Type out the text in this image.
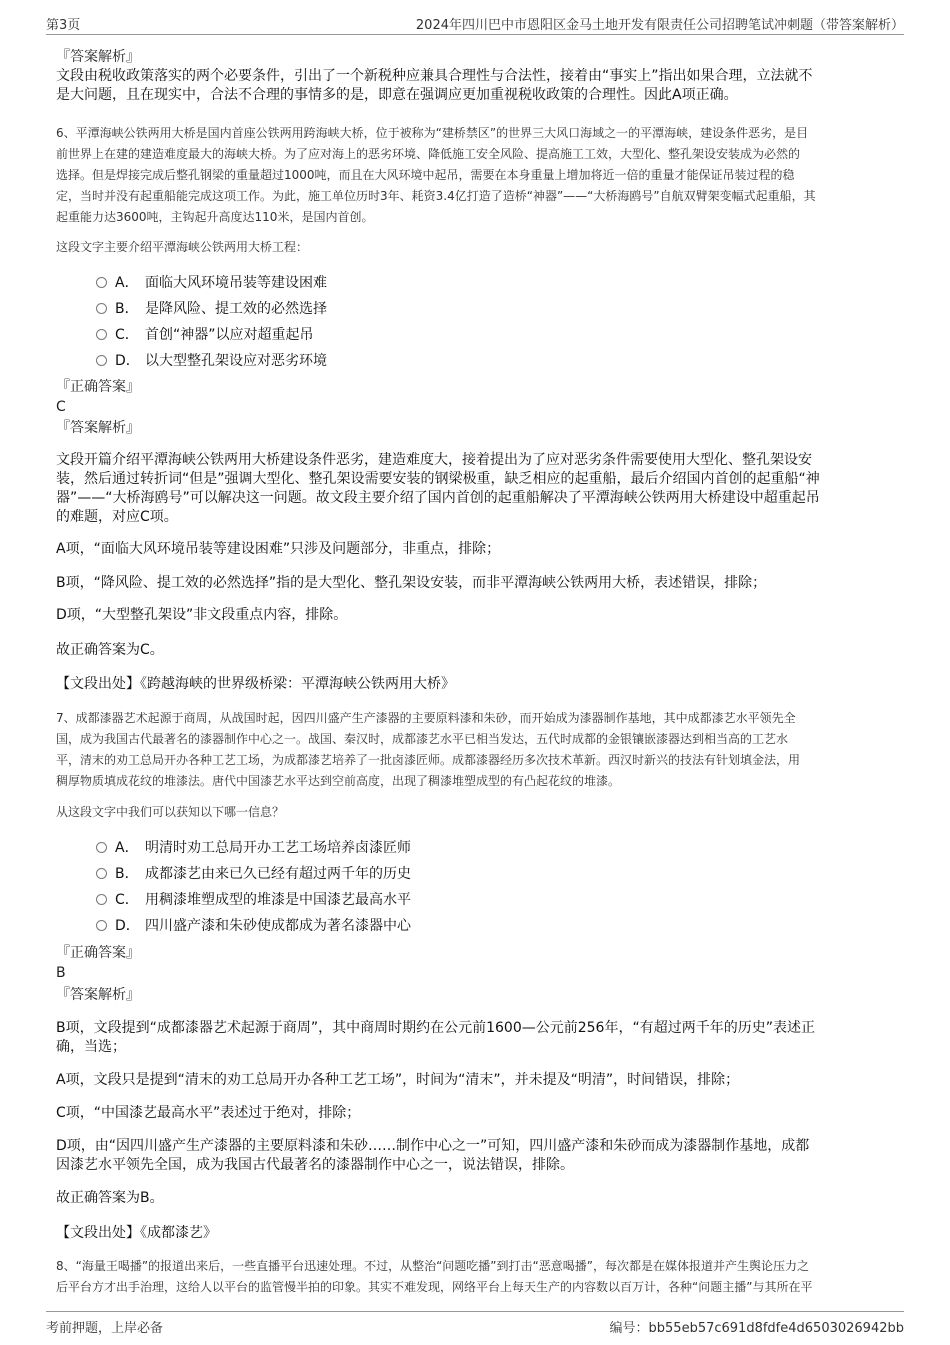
第3页	2024年四川巴中市恩阳区金马土地开发有限责任公司招聘笔试冲刺题（带答案解析）
『答案解析』
文段由税收政策落实的两个必要条件，引出了一个新税种应兼具合理性与合法性，接着由“事实上”指出如果合理，立法就不
是大问题，且在现实中，合法不合理的事情多的是，即意在强调应更加重视税收政策的合理性。因此A项正确。
6、平潭海峡公铁两用大桥是国内首座公铁两用跨海峡大桥，位于被称为“建桥禁区”的世界三大风口海域之一的平潭海峡，建设条件恶劣，是目
前世界上在建的建造难度最大的海峡大桥。为了应对海上的恶劣环境、降低施工安全风险、提高施工工效，大型化、整孔架设安装成为必然的
选择。但是焊接完成后整孔钢梁的重量超过1000吨，而且在大风环境中起吊，需要在本身重量上增加将近一倍的重量才能保证吊装过程的稳
定，当时并没有起重船能完成这项工作。为此，施工单位历时3年、耗资3.4亿打造了造桥“神器”——“大桥海鸥号”自航双臂架变幅式起重船，其
起重能力达3600吨，主钩起升高度达110米，是国内首创。
这段文字主要介绍平潭海峡公铁两用大桥工程：
A． 面临大风环境吊装等建设困难
B． 是降风险、提工效的必然选择
C． 首创“神器”以应对超重起吊
D． 以大型整孔架设应对恶劣环境
『正确答案』
C
『答案解析』
文段开篇介绍平潭海峡公铁两用大桥建设条件恶劣，建造难度大，接着提出为了应对恶劣条件需要使用大型化、整孔架设安
装，然后通过转折词“但是”强调大型化、整孔架设需要安装的钢梁极重，缺乏相应的起重船，最后介绍国内首创的起重船“神
器”——“大桥海鸥号”可以解决这一问题。故文段主要介绍了国内首创的起重船解决了平潭海峡公铁两用大桥建设中超重起吊
的难题，对应C项。
A项，“面临大风环境吊装等建设困难”只涉及问题部分，非重点，排除；
B项，“降风险、提工效的必然选择”指的是大型化、整孔架设安装，而非平潭海峡公铁两用大桥，表述错误，排除；
D项，“大型整孔架设”非文段重点内容，排除。
故正确答案为C。
【文段出处】《跨越海峡的世界级桥梁：平潭海峡公铁两用大桥》
7、成都漆器艺术起源于商周，从战国时起，因四川盛产生产漆器的主要原料漆和朱砂，而开始成为漆器制作基地，其中成都漆艺水平领先全
国，成为我国古代最著名的漆器制作中心之一。战国、秦汉时，成都漆艺水平已相当发达，五代时成都的金银镶嵌漆器达到相当高的工艺水
平，清末的劝工总局开办各种工艺工场，为成都漆艺培养了一批卤漆匠师。成都漆器经历多次技术革新。西汉时新兴的技法有针划填金法，用
稠厚物质填成花纹的堆漆法。唐代中国漆艺水平达到空前高度，出现了稠漆堆塑成型的有凸起花纹的堆漆。
从这段文字中我们可以获知以下哪一信息？
A． 明清时劝工总局开办工艺工场培养卤漆匠师
B． 成都漆艺由来已久已经有超过两千年的历史
C． 用稠漆堆塑成型的堆漆是中国漆艺最高水平
D． 四川盛产漆和朱砂使成都成为著名漆器中心
『正确答案』
B
『答案解析』
B项，文段提到“成都漆器艺术起源于商周”，其中商周时期约在公元前1600—公元前256年，“有超过两千年的历史”表述正
确，当选；
A项，文段只是提到“清末的劝工总局开办各种工艺工场”，时间为“清末”，并未提及“明清”，时间错误，排除；
C项，“中国漆艺最高水平”表述过于绝对，排除；
D项，由“因四川盛产生产漆器的主要原料漆和朱砂……制作中心之一”可知，四川盛产漆和朱砂而成为漆器制作基地，成都
因漆艺水平领先全国，成为我国古代最著名的漆器制作中心之一，说法错误，排除。
故正确答案为B。
【文段出处】《成都漆艺》
8、“海量王喝播”的报道出来后，一些直播平台迅速处理。不过，从整治“问题吃播”到打击“恶意喝播”，每次都是在媒体报道并产生舆论压力之
后平台方才出手治理，这给人以平台的监管慢半拍的印象。其实不难发现，网络平台上每天生产的内容数以百万计，各种“问题主播”与其所在平
考前押题，上岸必备	编号：bb55eb57c691d8fdfe4d6503026942bb
